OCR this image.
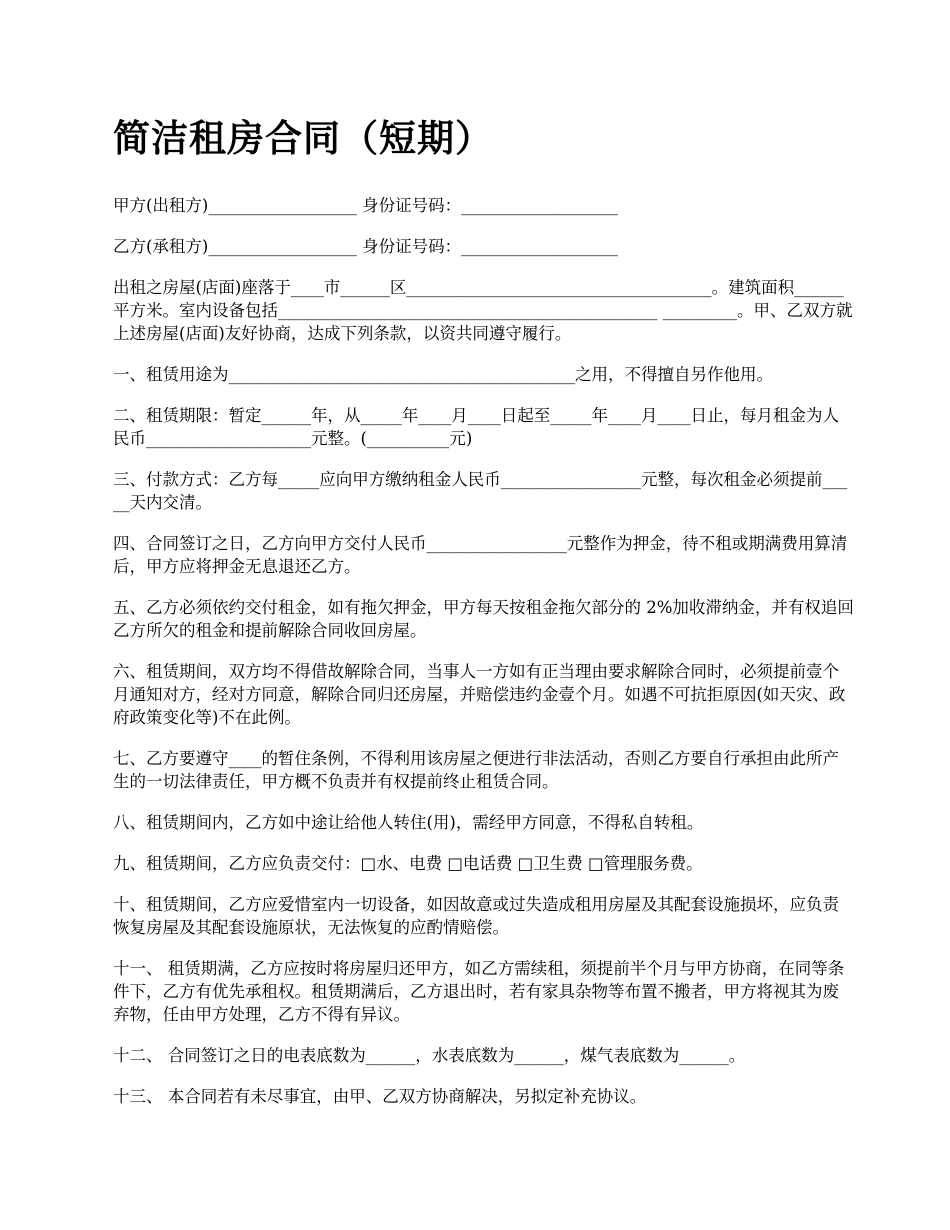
简洁租房合同（短期）

甲方(出租方)__________________ 身份证号码：___________________

乙方(承租方)__________________ 身份证号码：___________________

出租之房屋(店面)座落于____市______区_____________________________________。建筑面积______平方米。室内设备包括______________________________________________ _________。甲、乙双方就上述房屋(店面)友好协商，达成下列条款，以资共同遵守履行。

一、租赁用途为__________________________________________之用，不得擅自另作他用。

二、租赁期限：暂定______年，从_____年____月____日起至_____年____月____日止，每月租金为人民币____________________元整。(__________元)

三、付款方式：乙方每_____应向甲方缴纳租金人民币_________________元整，每次租金必须提前_____天内交清。

四、合同签订之日，乙方向甲方交付人民币_________________元整作为押金，待不租或期满费用算清后，甲方应将押金无息退还乙方。

五、乙方必须依约交付租金，如有拖欠押金，甲方每天按租金拖欠部分的 2%加收滞纳金，并有权追回乙方所欠的租金和提前解除合同收回房屋。

六、租赁期间，双方均不得借故解除合同，当事人一方如有正当理由要求解除合同时，必须提前壹个月通知对方，经对方同意，解除合同归还房屋，并赔偿违约金壹个月。如遇不可抗拒原因(如天灾、政府政策变化等)不在此例。

七、乙方要遵守____的暂住条例，不得利用该房屋之便进行非法活动，否则乙方要自行承担由此所产生的一切法律责任，甲方概不负责并有权提前终止租赁合同。

八、租赁期间内，乙方如中途让给他人转住(用)，需经甲方同意，不得私自转租。

九、租赁期间，乙方应负责交付：□水、电费 □电话费 □卫生费 □管理服务费。

十、租赁期间，乙方应爱惜室内一切设备，如因故意或过失造成租用房屋及其配套设施损坏，应负责恢复房屋及其配套设施原状，无法恢复的应酌情赔偿。

十一、 租赁期满，乙方应按时将房屋归还甲方，如乙方需续租，须提前半个月与甲方协商，在同等条件下，乙方有优先承租权。租赁期满后，乙方退出时，若有家具杂物等布置不搬者，甲方将视其为废弃物，任由甲方处理，乙方不得有异议。

十二、 合同签订之日的电表底数为______，水表底数为______，煤气表底数为______。

十三、 本合同若有未尽事宜，由甲、乙双方协商解决，另拟定补充协议。
